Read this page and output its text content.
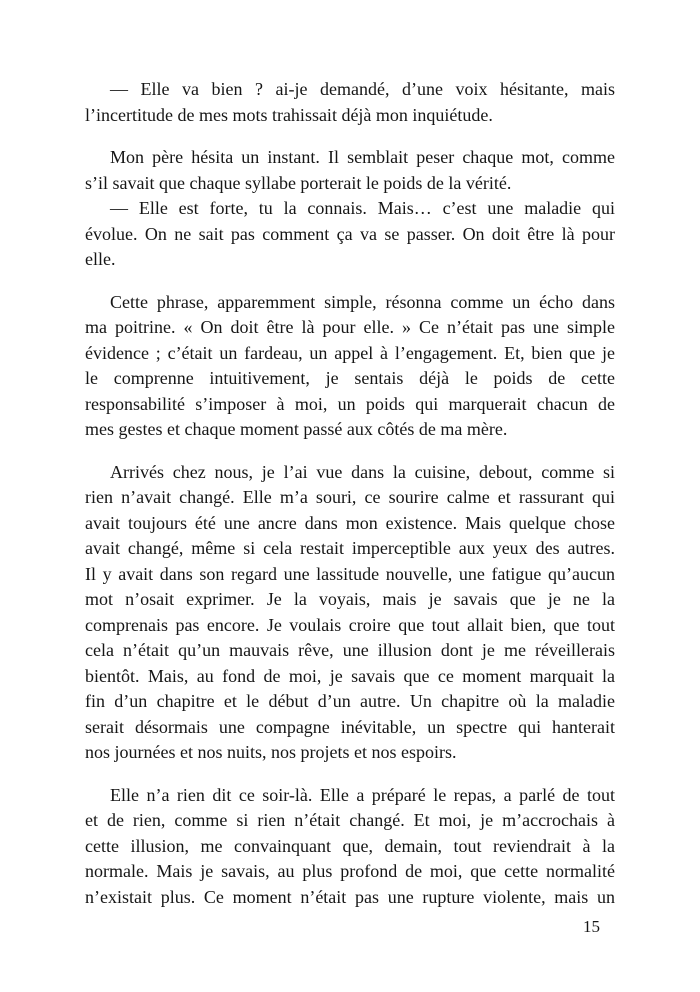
— Elle va bien ? ai-je demandé, d’une voix hésitante, mais
l’incertitude de mes mots trahissait déjà mon inquiétude.
Mon père hésita un instant. Il semblait peser chaque mot, comme
s’il savait que chaque syllabe porterait le poids de la vérité.
— Elle est forte, tu la connais. Mais… c’est une maladie qui
évolue. On ne sait pas comment ça va se passer. On doit être là pour
elle.
Cette phrase, apparemment simple, résonna comme un écho dans
ma poitrine. « On doit être là pour elle. » Ce n’était pas une simple
évidence ; c’était un fardeau, un appel à l’engagement. Et, bien que je
le comprenne intuitivement, je sentais déjà le poids de cette
responsabilité s’imposer à moi, un poids qui marquerait chacun de
mes gestes et chaque moment passé aux côtés de ma mère.
Arrivés chez nous, je l’ai vue dans la cuisine, debout, comme si
rien n’avait changé. Elle m’a souri, ce sourire calme et rassurant qui
avait toujours été une ancre dans mon existence. Mais quelque chose
avait changé, même si cela restait imperceptible aux yeux des autres.
Il y avait dans son regard une lassitude nouvelle, une fatigue qu’aucun
mot n’osait exprimer. Je la voyais, mais je savais que je ne la
comprenais pas encore. Je voulais croire que tout allait bien, que tout
cela n’était qu’un mauvais rêve, une illusion dont je me réveillerais
bientôt. Mais, au fond de moi, je savais que ce moment marquait la
fin d’un chapitre et le début d’un autre. Un chapitre où la maladie
serait désormais une compagne inévitable, un spectre qui hanterait
nos journées et nos nuits, nos projets et nos espoirs.
Elle n’a rien dit ce soir-là. Elle a préparé le repas, a parlé de tout
et de rien, comme si rien n’était changé. Et moi, je m’accrochais à
cette illusion, me convainquant que, demain, tout reviendrait à la
normale. Mais je savais, au plus profond de moi, que cette normalité
n’existait plus. Ce moment n’était pas une rupture violente, mais un
15
